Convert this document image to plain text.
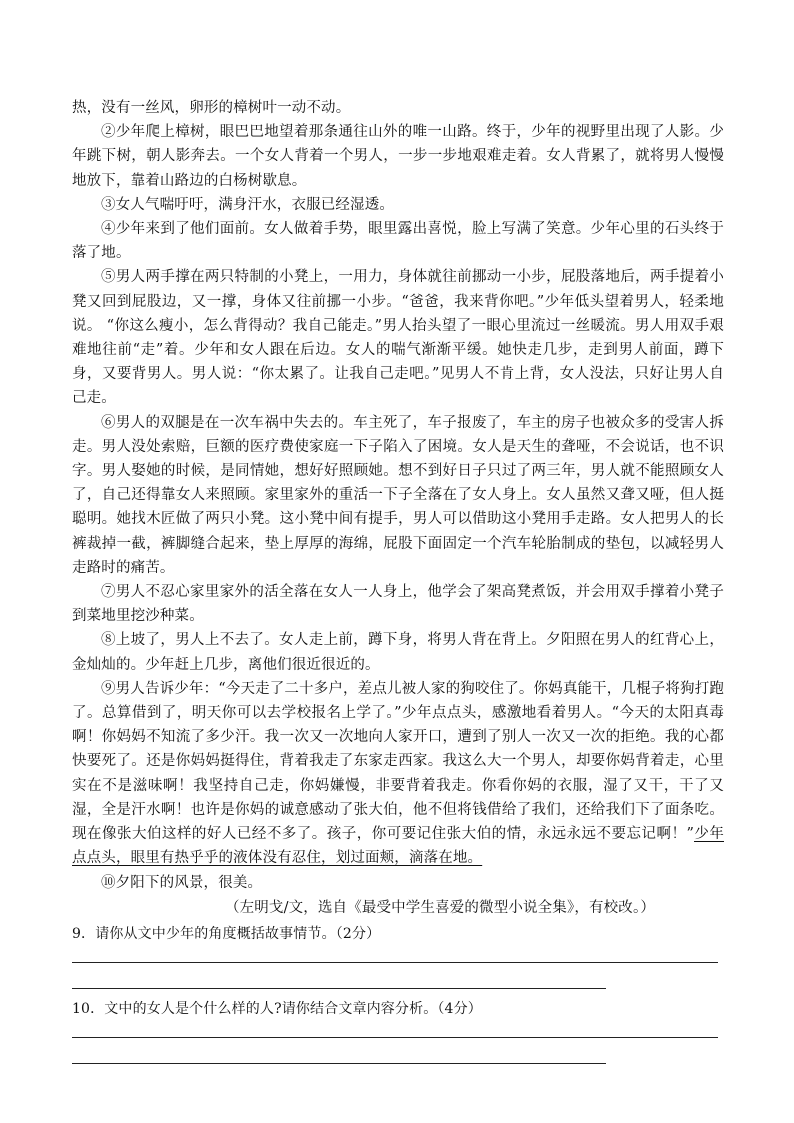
热，没有一丝风，卵形的樟树叶一动不动。

②少年爬上樟树，眼巴巴地望着那条通往山外的唯一山路。终于，少年的视野里出现了人影。少年跳下树，朝人影奔去。一个女人背着一个男人，一步一步地艰难走着。女人背累了，就将男人慢慢地放下，靠着山路边的白杨树歇息。

③女人气喘吁吁，满身汗水，衣服已经湿透。

④少年来到了他们面前。女人做着手势，眼里露出喜悦，脸上写满了笑意。少年心里的石头终于落了地。

⑤男人两手撑在两只特制的小凳上，一用力，身体就往前挪动一小步，屁股落地后，两手提着小凳又回到屁股边，又一撑，身体又往前挪一小步。“爸爸，我来背你吧。”少年低头望着男人，轻柔地说。 “你这么瘦小，怎么背得动？我自己能走。”男人抬头望了一眼心里流过一丝暖流。男人用双手艰难地往前“走”着。少年和女人跟在后边。女人的喘气渐渐平缓。她快走几步，走到男人前面，蹲下身，又要背男人。男人说：“你太累了。让我自己走吧。”见男人不肯上背，女人没法，只好让男人自己走。

⑥男人的双腿是在一次车祸中失去的。车主死了，车子报废了，车主的房子也被众多的受害人拆走。男人没处索赔，巨额的医疗费使家庭一下子陷入了困境。女人是天生的聋哑，不会说话，也不识字。男人娶她的时候，是同情她，想好好照顾她。想不到好日子只过了两三年，男人就不能照顾女人了，自己还得靠女人来照顾。家里家外的重活一下子全落在了女人身上。女人虽然又聋又哑，但人挺聪明。她找木匠做了两只小凳。这小凳中间有提手，男人可以借助这小凳用手走路。女人把男人的长裤裁掉一截，裤脚缝合起来，垫上厚厚的海绵，屁股下面固定一个汽车轮胎制成的垫包，以减轻男人走路时的痛苦。

⑦男人不忍心家里家外的活全落在女人一人身上，他学会了架高凳煮饭，并会用双手撑着小凳子到菜地里挖沙种菜。

⑧上坡了，男人上不去了。女人走上前，蹲下身，将男人背在背上。夕阳照在男人的红背心上，金灿灿的。少年赶上几步，离他们很近很近的。

⑨男人告诉少年：“今天走了二十多户，差点儿被人家的狗咬住了。你妈真能干，几棍子将狗打跑了。总算借到了，明天你可以去学校报名上学了。”少年点点头，感激地看着男人。“今天的太阳真毒啊！你妈妈不知流了多少汗。我一次又一次地向人家开口，遭到了别人一次又一次的拒绝。我的心都快要死了。还是你妈妈挺得住，背着我走了东家走西家。我这么大一个男人，却要你妈背着走，心里实在不是滋味啊！我坚持自己走，你妈嫌慢，非要背着我走。你看你妈的衣服，湿了又干，干了又湿，全是汗水啊！也许是你妈的诚意感动了张大伯，他不但将钱借给了我们，还给我们下了面条吃。现在像张大伯这样的好人已经不多了。孩子，你可要记住张大伯的情，永远永远不要忘记啊！”少年点点头，眼里有热乎乎的液体没有忍住，划过面颊，滴落在地。

⑩夕阳下的风景，很美。

（左明戈/文，选自《最受中学生喜爱的微型小说全集》，有校改。）

9．请你从文中少年的角度概括故事情节。（2分）

10．文中的女人是个什么样的人?请你结合文章内容分析。（4分）
